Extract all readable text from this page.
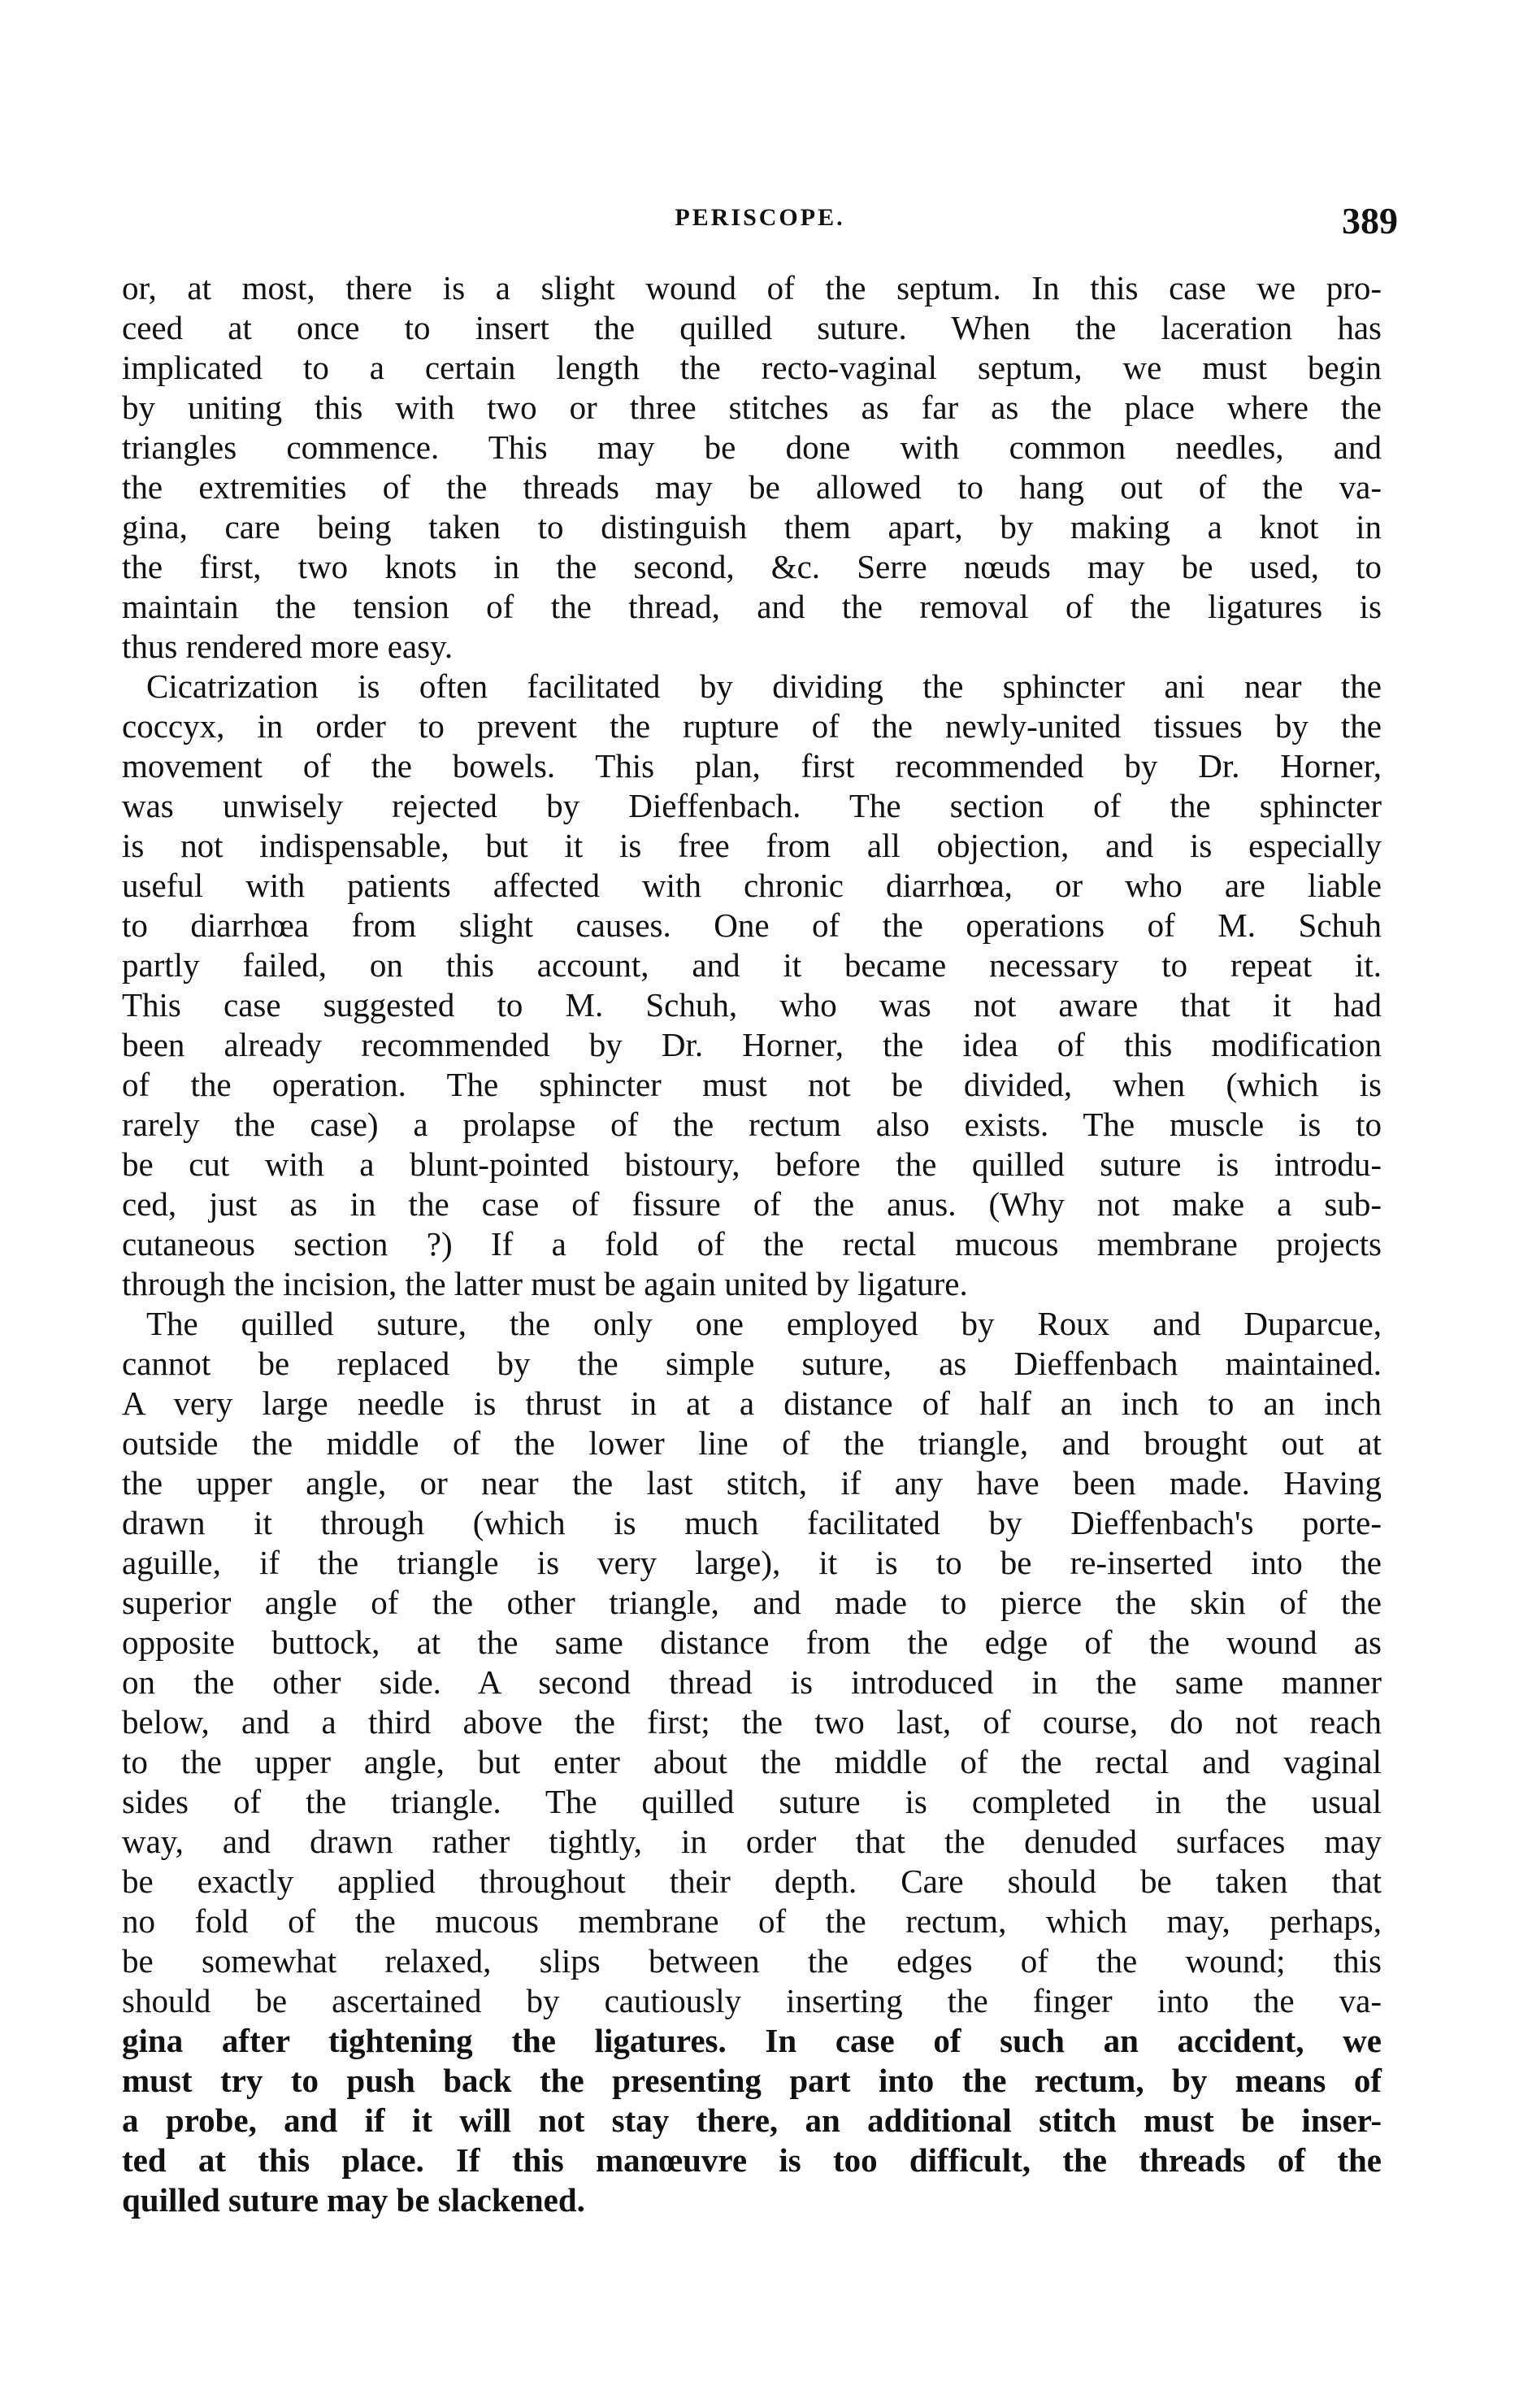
PERISCOPE.	389
or, at most, there is a slight wound of the septum. In this case we pro-
ceed at once to insert the quilled suture. When the laceration has
implicated to a certain length the recto-vaginal septum, we must begin
by uniting this with two or three stitches as far as the place where the
triangles commence. This may be done with common needles, and
the extremities of the threads may be allowed to hang out of the va-
gina, care being taken to distinguish them apart, by making a knot in
the first, two knots in the second, &c. Serre nœuds may be used, to
maintain the tension of the thread, and the removal of the ligatures is
thus rendered more easy.
Cicatrization is often facilitated by dividing the sphincter ani near the
coccyx, in order to prevent the rupture of the newly-united tissues by the
movement of the bowels. This plan, first recommended by Dr. Horner,
was unwisely rejected by Dieffenbach. The section of the sphincter
is not indispensable, but it is free from all objection, and is especially
useful with patients affected with chronic diarrhœa, or who are liable
to diarrhœa from slight causes. One of the operations of M. Schuh
partly failed, on this account, and it became necessary to repeat it.
This case suggested to M. Schuh, who was not aware that it had
been already recommended by Dr. Horner, the idea of this modification
of the operation. The sphincter must not be divided, when (which is
rarely the case) a prolapse of the rectum also exists. The muscle is to
be cut with a blunt-pointed bistoury, before the quilled suture is introdu-
ced, just as in the case of fissure of the anus. (Why not make a sub-
cutaneous section ?) If a fold of the rectal mucous membrane projects
through the incision, the latter must be again united by ligature.
The quilled suture, the only one employed by Roux and Duparcue,
cannot be replaced by the simple suture, as Dieffenbach maintained.
A very large needle is thrust in at a distance of half an inch to an inch
outside the middle of the lower line of the triangle, and brought out at
the upper angle, or near the last stitch, if any have been made. Having
drawn it through (which is much facilitated by Dieffenbach's porte-
aguille, if the triangle is very large), it is to be re-inserted into the
superior angle of the other triangle, and made to pierce the skin of the
opposite buttock, at the same distance from the edge of the wound as
on the other side. A second thread is introduced in the same manner
below, and a third above the first; the two last, of course, do not reach
to the upper angle, but enter about the middle of the rectal and vaginal
sides of the triangle. The quilled suture is completed in the usual
way, and drawn rather tightly, in order that the denuded surfaces may
be exactly applied throughout their depth. Care should be taken that
no fold of the mucous membrane of the rectum, which may, perhaps,
be somewhat relaxed, slips between the edges of the wound; this
should be ascertained by cautiously inserting the finger into the va-
gina after tightening the ligatures. In case of such an accident, we
must try to push back the presenting part into the rectum, by means of
a probe, and if it will not stay there, an additional stitch must be inser-
ted at this place. If this manœuvre is too difficult, the threads of the
quilled suture may be slackened.
